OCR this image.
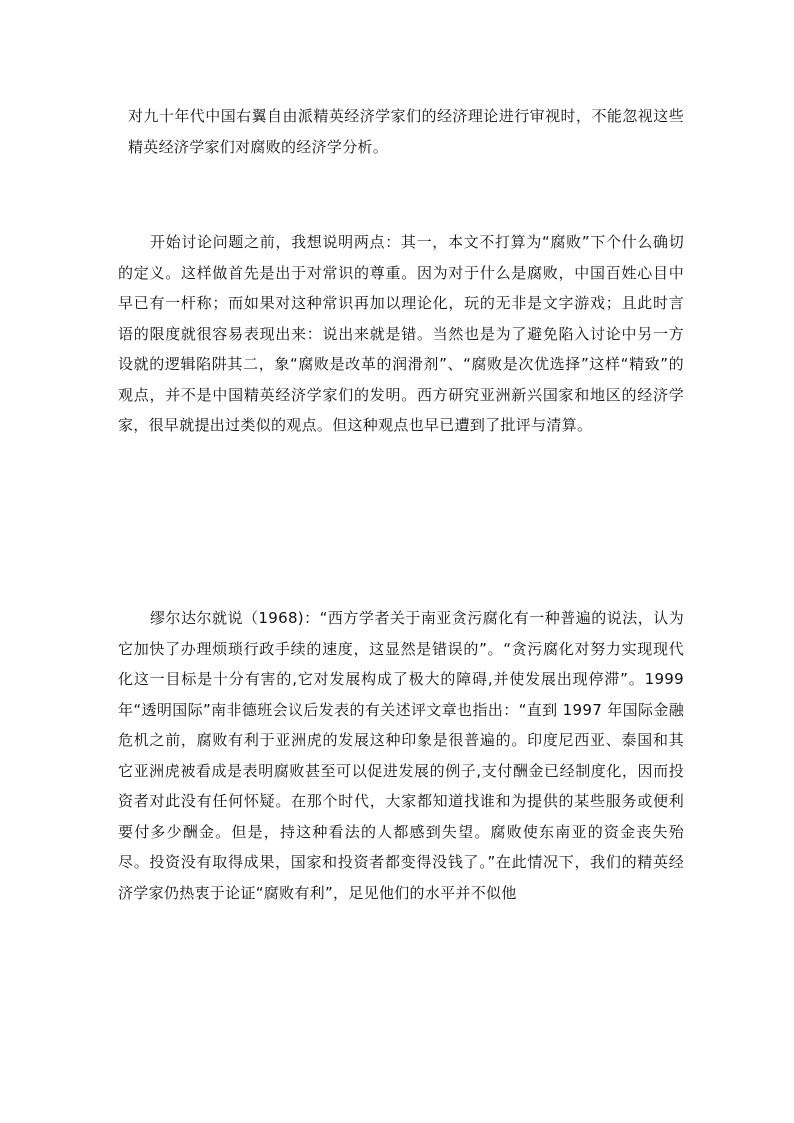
对九十年代中国右翼自由派精英经济学家们的经济理论进行审视时，不能忽视这些精英经济学家们对腐败的经济学分析。

开始讨论问题之前，我想说明两点：其一，本文不打算为“腐败”下个什么确切的定义。这样做首先是出于对常识的尊重。因为对于什么是腐败，中国百姓心目中早已有一杆称；而如果对这种常识再加以理论化，玩的无非是文字游戏；且此时言语的限度就很容易表现出来：说出来就是错。当然也是为了避免陷入讨论中另一方设就的逻辑陷阱其二，象“腐败是改革的润滑剂”、“腐败是次优选择”这样“精致”的观点，并不是中国精英经济学家们的发明。西方研究亚洲新兴国家和地区的经济学家，很早就提出过类似的观点。但这种观点也早已遭到了批评与清算。

缪尔达尔就说（1968)：“西方学者关于南亚贪污腐化有一种普遍的说法，认为它加快了办理烦琐行政手续的速度，这显然是错误的”。“贪污腐化对努力实现现代化这一目标是十分有害的,它对发展构成了极大的障碍,并使发展出现停滞”。1999 年“透明国际”南非德班会议后发表的有关述评文章也指出：“直到 1997 年国际金融危机之前，腐败有利于亚洲虎的发展这种印象是很普遍的。印度尼西亚、泰国和其它亚洲虎被看成是表明腐败甚至可以促进发展的例子,支付酬金已经制度化，因而投资者对此没有任何怀疑。在那个时代，大家都知道找谁和为提供的某些服务或便利要付多少酬金。但是，持这种看法的人都感到失望。腐败使东南亚的资金丧失殆尽。投资没有取得成果，国家和投资者都变得没钱了。”在此情况下，我们的精英经济学家仍热衷于论证“腐败有利”，足见他们的水平并不似他
